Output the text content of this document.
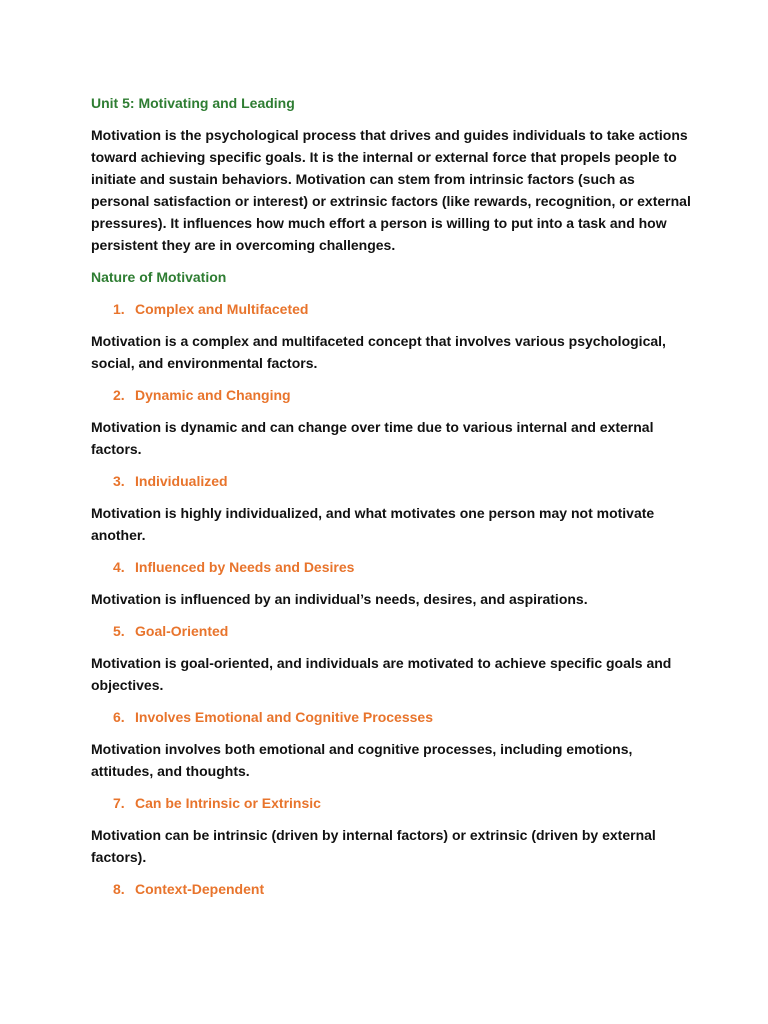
Unit 5: Motivating and Leading
Motivation is the psychological process that drives and guides individuals to take actions toward achieving specific goals. It is the internal or external force that propels people to initiate and sustain behaviors. Motivation can stem from intrinsic factors (such as personal satisfaction or interest) or extrinsic factors (like rewards, recognition, or external pressures). It influences how much effort a person is willing to put into a task and how persistent they are in overcoming challenges.
Nature of Motivation
1. Complex and Multifaceted
Motivation is a complex and multifaceted concept that involves various psychological, social, and environmental factors.
2. Dynamic and Changing
Motivation is dynamic and can change over time due to various internal and external factors.
3. Individualized
Motivation is highly individualized, and what motivates one person may not motivate another.
4. Influenced by Needs and Desires
Motivation is influenced by an individual’s needs, desires, and aspirations.
5. Goal-Oriented
Motivation is goal-oriented, and individuals are motivated to achieve specific goals and objectives.
6. Involves Emotional and Cognitive Processes
Motivation involves both emotional and cognitive processes, including emotions, attitudes, and thoughts.
7. Can be Intrinsic or Extrinsic
Motivation can be intrinsic (driven by internal factors) or extrinsic (driven by external factors).
8. Context-Dependent
